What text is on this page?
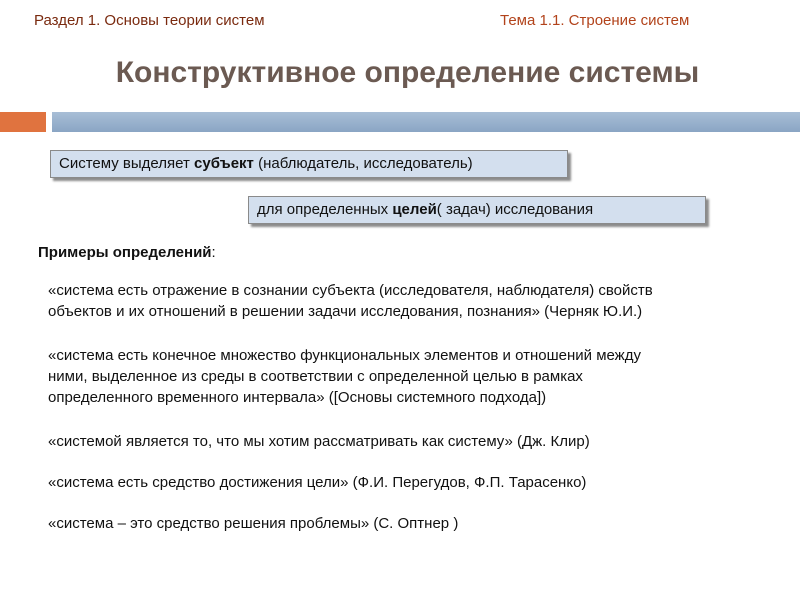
Раздел 1. Основы теории систем	Тема 1.1. Строение систем
Конструктивное определение системы
Систему выделяет субъект (наблюдатель, исследователь)
для определенных целей( задач) исследования
Примеры определений:
«система есть отражение в сознании субъекта (исследователя, наблюдателя) свойств
объектов и их отношений в решении задачи исследования, познания» (Черняк Ю.И.)
«система есть конечное множество функциональных элементов и отношений между
ними, выделенное из среды в соответствии с определенной целью в рамках
определенного временного интервала» ([Основы системного подхода])
«системой является то, что мы хотим рассматривать как систему» (Дж. Клир)
«система есть средство достижения цели» (Ф.И. Перегудов, Ф.П. Тарасенко)
«система – это средство решения проблемы» (С. Оптнер )
